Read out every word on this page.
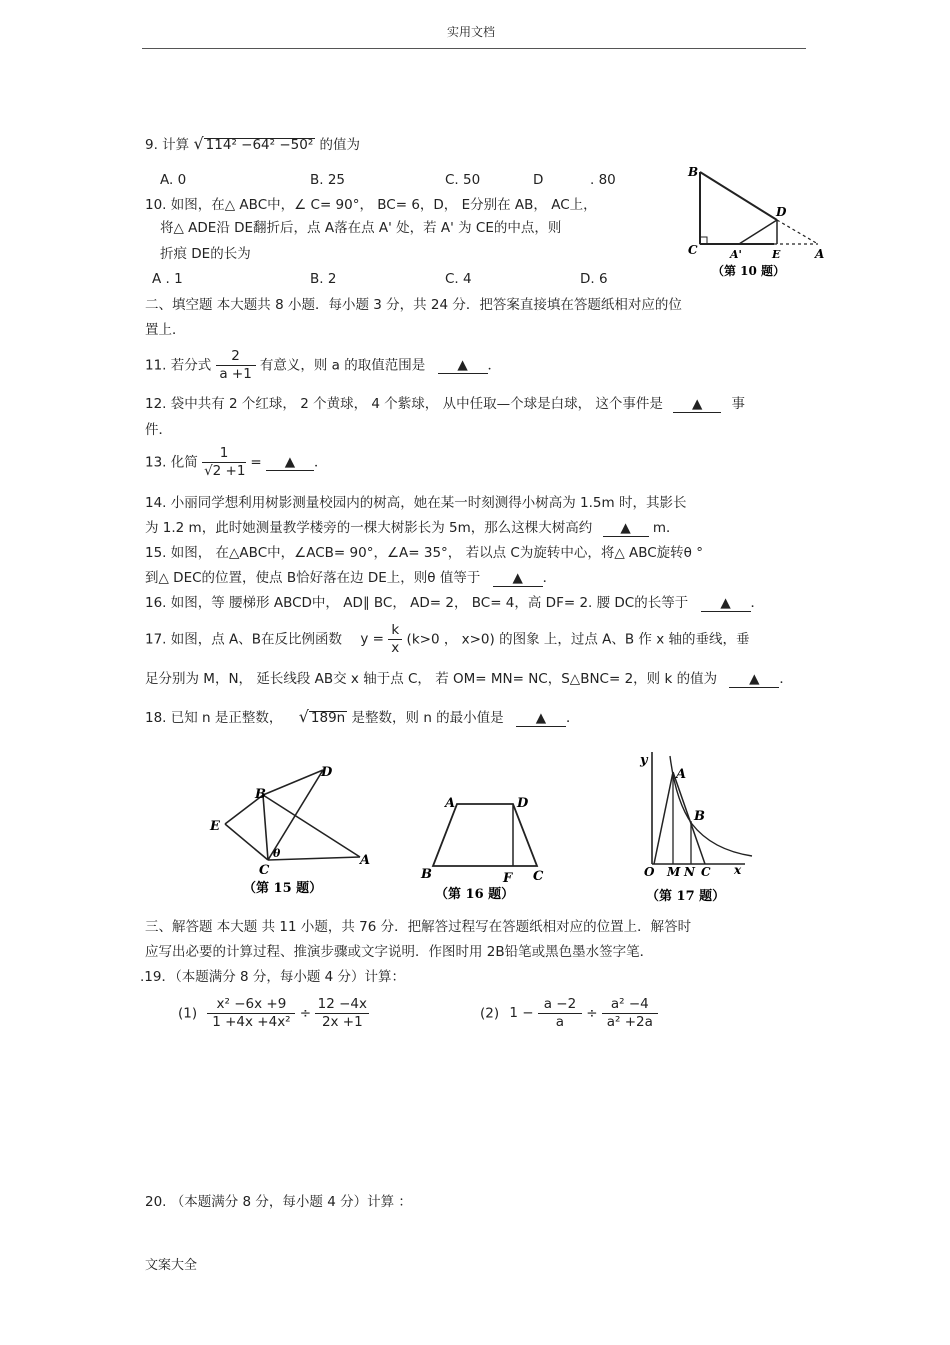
实用文档
9. 计算 √ 114² −64² −50² 的值为
A. 0	B. 25	C. 50	D	. 80
10. 如图，在△ ABC中，∠ C= 90°， BC= 6，D， E分别在 AB， AC上，
将△ ADE沿 DE翻折后，点 A落在点 A' 处，若 A' 为 CE的中点，则
折痕 DE的长为
A . 1	B. 2	C. 4	D. 6
B
C
D
A'	E	A
（第 10 题）
二、填空题 本大题共 8 小题．每小题 3 分，共 24 分．把答案直接填在答题纸相对应的位
置上．
11. 若分式 $\frac{2}{a +1}$ 有意义，则 a 的取值范围是 ▲ ．
12. 袋中共有 2 个红球， 2 个黄球， 4 个紫球， 从中任取—个球是白球， 这个事件是 ▲ 事
件．
13. 化简 $\frac{1}{√2 +1}$ = ▲ ．
14. 小丽同学想利用树影测量校园内的树高，她在某一时刻测得小树高为 1.5m 时，其影长
为 1.2 m，此时她测量教学楼旁的一棵大树影长为 5m，那么这棵大树高约 ▲ m．
15. 如图， 在△ABC中，∠ACB= 90°，∠A= 35°， 若以点 C为旋转中心，将△ ABC旋转θ °
到△ DEC的位置，使点 B恰好落在边 DE上，则θ 值等于 ▲ ．
16. 如图，等 腰梯形 ABCD中， AD∥ BC， AD= 2， BC= 4，高 DF= 2. 腰 DC的长等于 ▲ ．
17. 如图，点 A、B在反比例函数 $y = \frac{k}{x} (k>0$ ， x>0) 的图象 上，过点 A、B 作 x 轴的垂线，垂
足分别为 M，N， 延长线段 AB交 x 轴于点 C， 若 OM= MN= NC，S△BNC= 2，则 k 的值为 ▲ ．
18. 已知 n 是正整数， √ 189n 是整数，则 n 的最小值是 ▲ ．
D
B
E
C
θ	A
（第 15 题）
A	D
B	F C
（第 16 题）
y
A
B
O M N C x
（第 17 题）
三、解答题 本大题 共 11 小题，共 76 分．把解答过程写在答题纸相对应的位置上．解答时
应写出必要的计算过程、推演步骤或文字说明．作图时用 2B铅笔或黑色墨水签字笔．
.19．（本题满分 8 分，每小题 4 分）计算：
$(1) \frac{\text{x² −6x +9}}{\text{1 +4x +4x²}} \div \frac{12 -4x}{2x +1}$	(2) $1 - \frac{a -2}{a} \div \frac{\text{a² −4}}{\text{a² +2a}}$
20. （本题满分 8 分，每小题 4 分）计算 ：
文案大全
